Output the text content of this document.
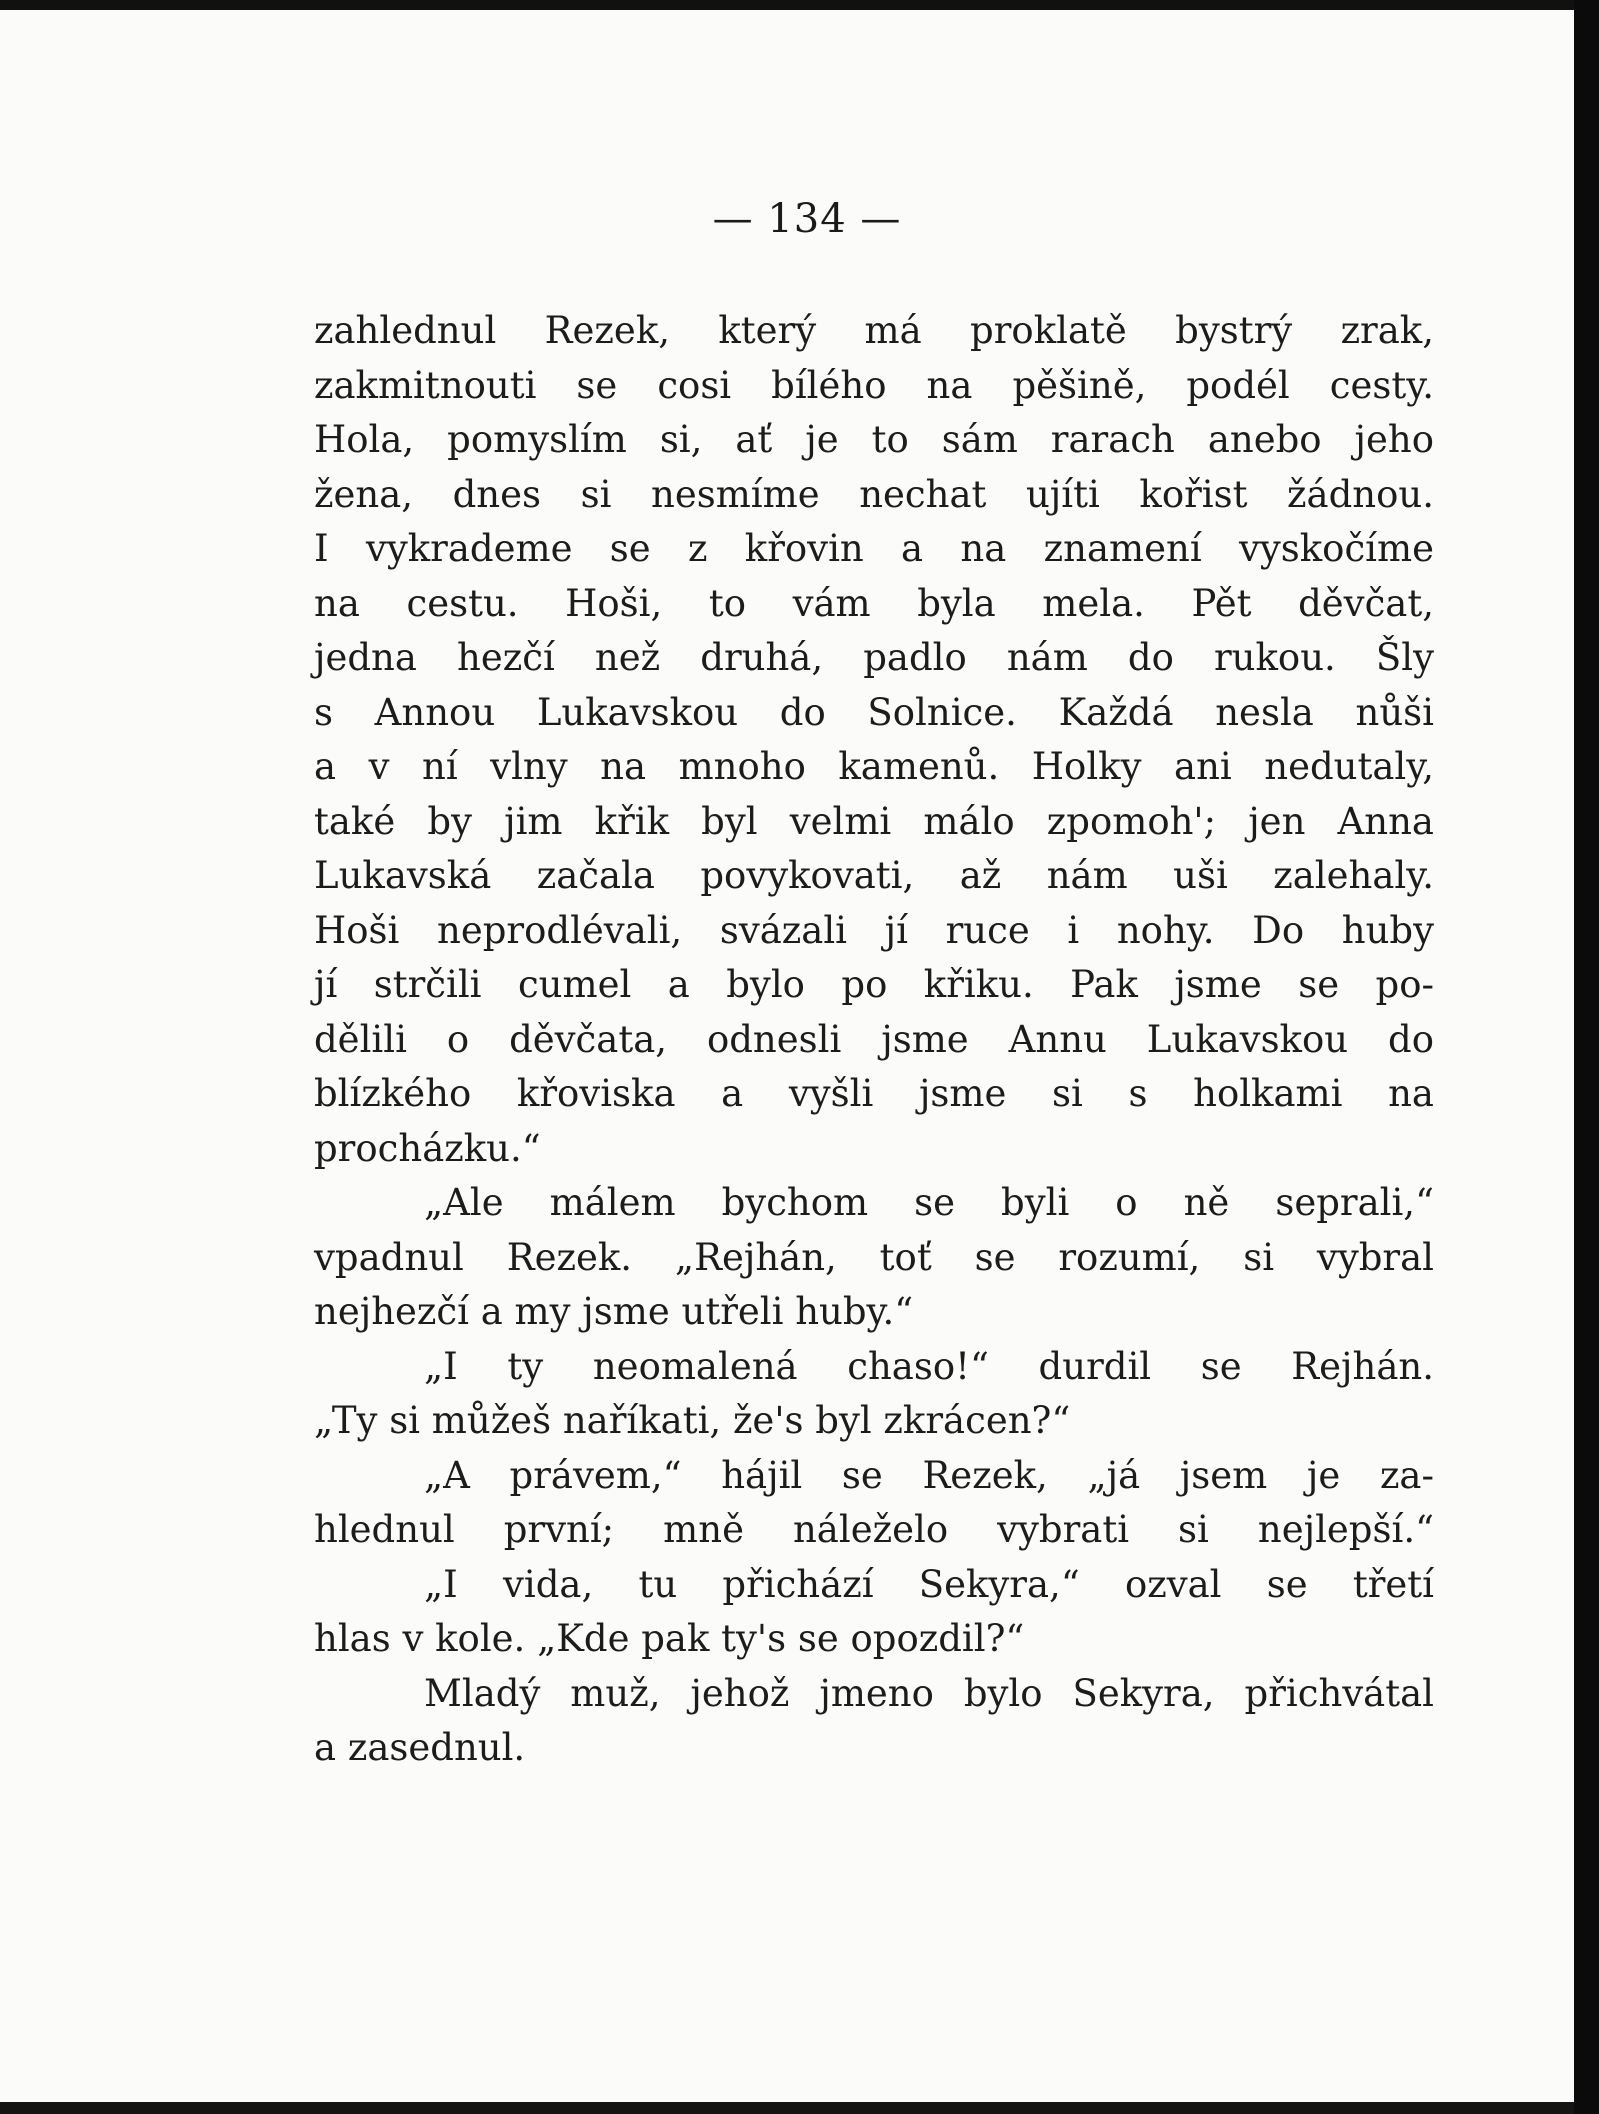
— 134 —
zahlednul Rezek, který má proklatě bystrý zrak,
zakmitnouti se cosi bílého na pěšině, podél cesty.
Hola, pomyslím si, ať je to sám rarach anebo jeho
žena, dnes si nesmíme nechat ujíti kořist žádnou.
I vykrademe se z křovin a na znamení vyskočíme
na cestu. Hoši, to vám byla mela. Pět děvčat,
jedna hezčí než druhá, padlo nám do rukou. Šly
s Annou Lukavskou do Solnice. Každá nesla nůši
a v ní vlny na mnoho kamenů. Holky ani nedutaly,
také by jim křik byl velmi málo zpomoh'; jen Anna
Lukavská začala povykovati, až nám uši zalehaly.
Hoši neprodlévali, svázali jí ruce i nohy. Do huby
jí strčili cumel a bylo po křiku. Pak jsme se po-
dělili o děvčata, odnesli jsme Annu Lukavskou do
blízkého křoviska a vyšli jsme si s holkami na
procházku.“
„Ale málem bychom se byli o ně seprali,“
vpadnul Rezek. „Rejhán, toť se rozumí, si vybral
nejhezčí a my jsme utřeli huby.“
„I ty neomalená chaso!“ durdil se Rejhán.
„Ty si můžeš naříkati, že's byl zkrácen?“
„A právem,“ hájil se Rezek, „já jsem je za-
hlednul první; mně náleželo vybrati si nejlepší.“
„I vida, tu přichází Sekyra,“ ozval se třetí
hlas v kole. „Kde pak ty's se opozdil?“
Mladý muž, jehož jmeno bylo Sekyra, přichvátal
a zasednul.
